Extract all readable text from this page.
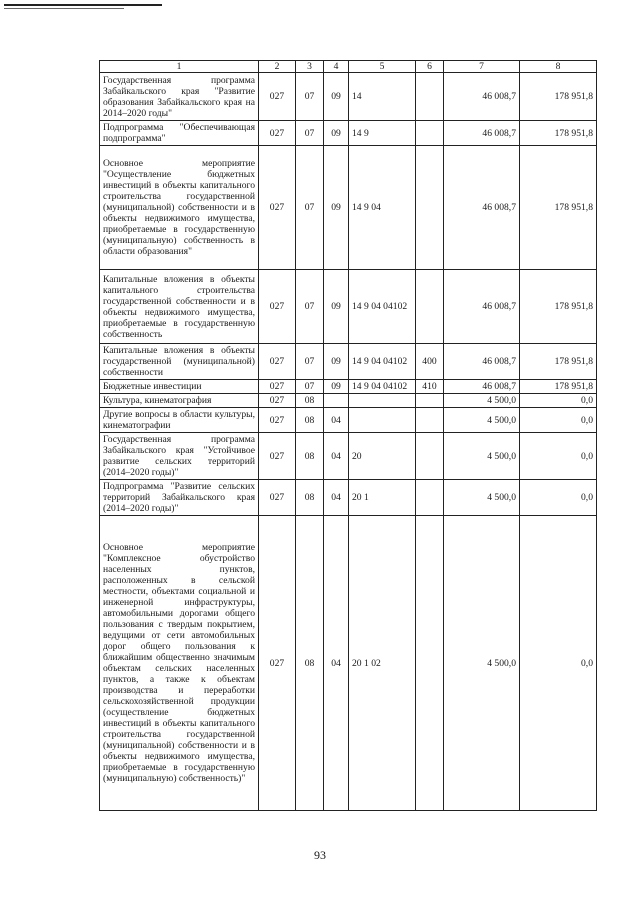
1	2	3	4	5	6	7	8
Государственная программа Забайкальского края "Развитие образования Забайкальского края на 2014–2020 годы"	027	07	09	14		46 008,7	178 951,8
Подпрограмма "Обеспечивающая подпрограмма"	027	07	09	14 9		46 008,7	178 951,8
Основное мероприятие "Осуществление бюджетных инвестиций в объекты капитального строительства государственной (муниципальной) собственности и в объекты недвижимого имущества, приобретаемые в государственную (муниципальную) собственность в области образования"	027	07	09	14 9 04		46 008,7	178 951,8
Капитальные вложения в объекты капитального строительства государственной собственности и в объекты недвижимого имущества, приобретаемые в государственную собственность	027	07	09	14 9 04 04102		46 008,7	178 951,8
Капитальные вложения в объекты государственной (муниципальной) собственности	027	07	09	14 9 04 04102	400	46 008,7	178 951,8
Бюджетные инвестиции	027	07	09	14 9 04 04102	410	46 008,7	178 951,8
Культура, кинематография	027	08				4 500,0	0,0
Другие вопросы в области культуры, кинематографии	027	08	04			4 500,0	0,0
Государственная программа Забайкальского края "Устойчивое развитие сельских территорий (2014–2020 годы)"	027	08	04	20		4 500,0	0,0
Подпрограмма "Развитие сельских территорий Забайкальского края (2014–2020 годы)"	027	08	04	20 1		4 500,0	0,0
Основное мероприятие "Комплексное обустройство населенных пунктов, расположенных в сельской местности, объектами социальной и инженерной инфраструктуры, автомобильными дорогами общего пользования с твердым покрытием, ведущими от сети автомобильных дорог общего пользования к ближайшим общественно значимым объектам сельских населенных пунктов, а также к объектам производства и переработки сельскохозяйственной продукции (осуществление бюджетных инвестиций в объекты капитального строительства государственной (муниципальной) собственности и в объекты недвижимого имущества, приобретаемые в государственную (муниципальную) собственность)"	027	08	04	20 1 02		4 500,0	0,0
93
